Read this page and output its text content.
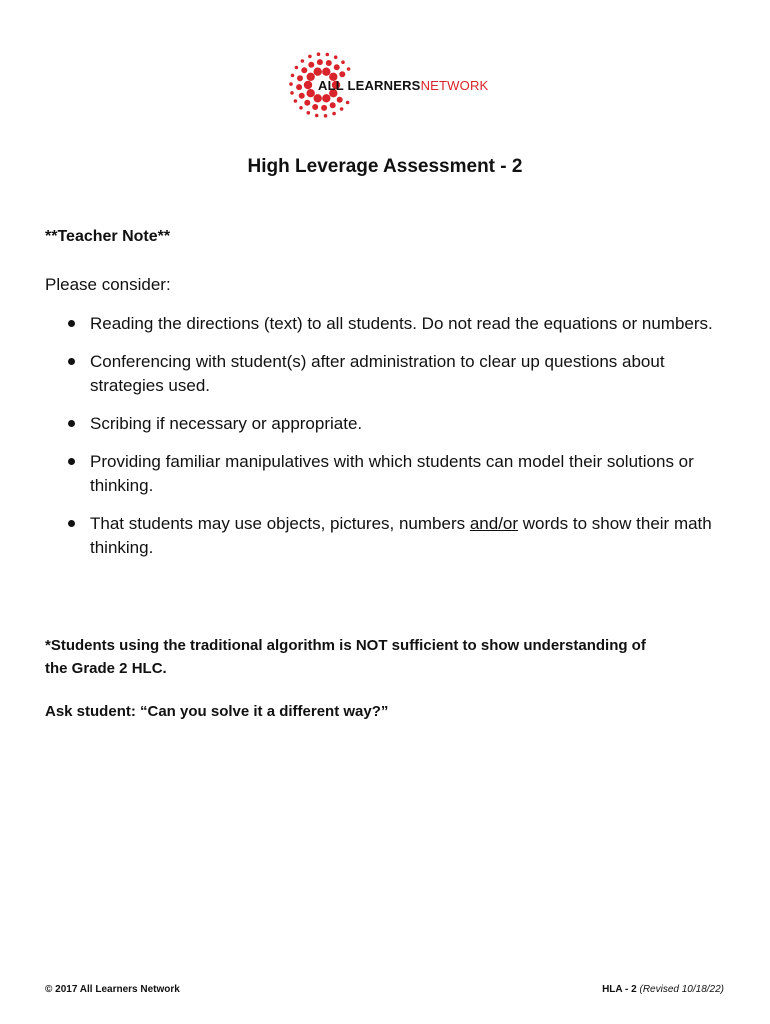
ALL LEARNERSNETWORK
High Leverage Assessment - 2
**Teacher Note**
Please consider:
Reading the directions (text) to all students. Do not read the equations or numbers.
Conferencing with student(s) after administration to clear up questions about strategies used.
Scribing if necessary or appropriate.
Providing familiar manipulatives with which students can model their solutions or thinking.
That students may use objects, pictures, numbers and/or words to show their math thinking.
*Students using the traditional algorithm is NOT sufficient to show understanding of the Grade 2 HLC.
Ask student: “Can you solve it a different way?”
© 2017 All Learners Network	HLA - 2 (Revised 10/18/22)
